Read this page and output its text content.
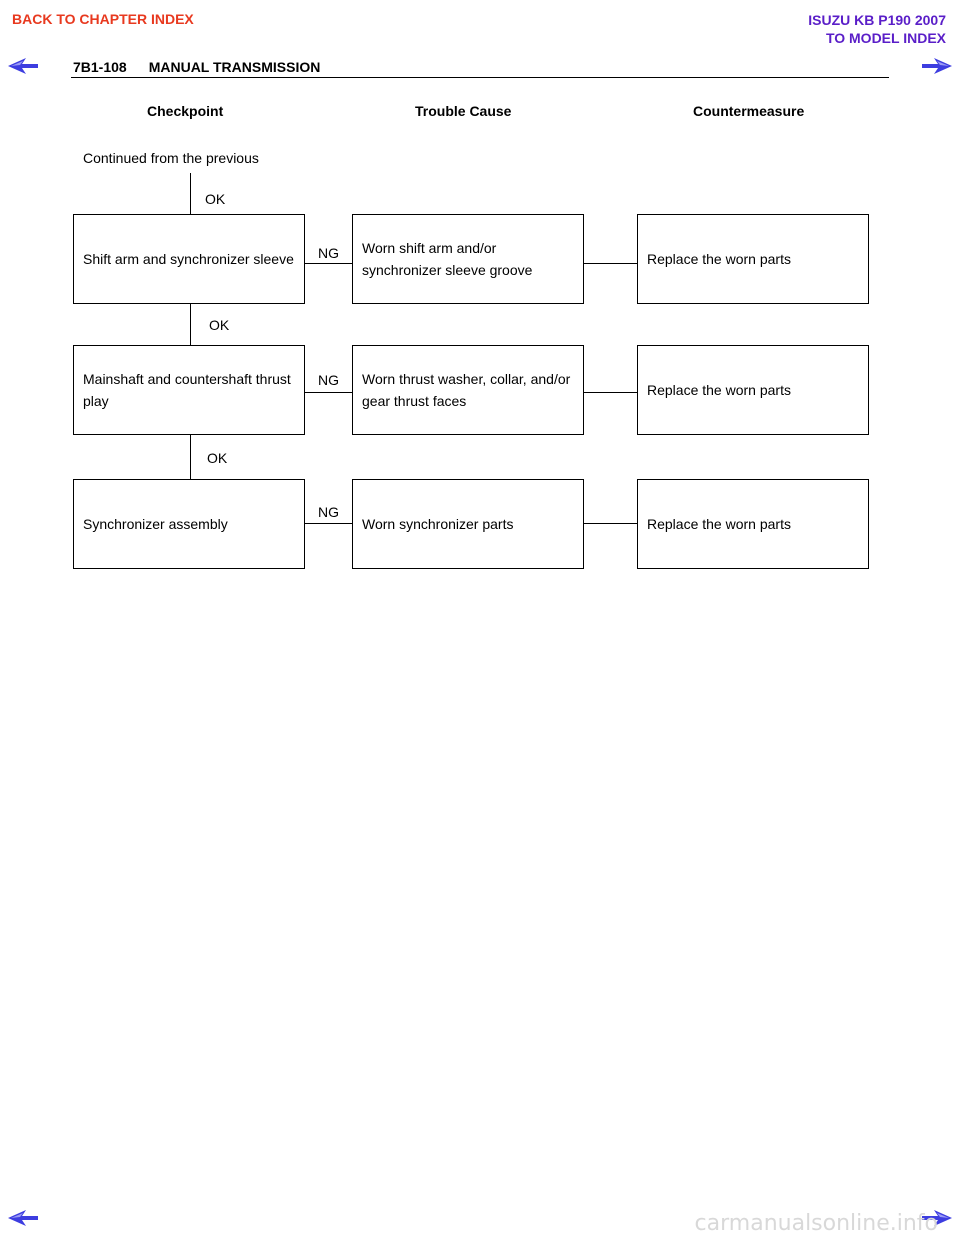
BACK TO CHAPTER INDEX	ISUZU KB P190 2007
TO MODEL INDEX
7B1-108 MANUAL TRANSMISSION
Checkpoint	Trouble Cause	Countermeasure
Continued from the previous
OK
Shift arm and synchronizer sleeve NG Worn shift arm and/or synchronizer sleeve groove
Replace the worn parts
OK
Mainshaft and countershaft thrust play
NG Worn thrust washer, collar, and/or gear thrust faces
Replace the worn parts
OK
Synchronizer assembly
NG
Worn synchronizer parts	Replace the worn parts
carmanualsonline.info
